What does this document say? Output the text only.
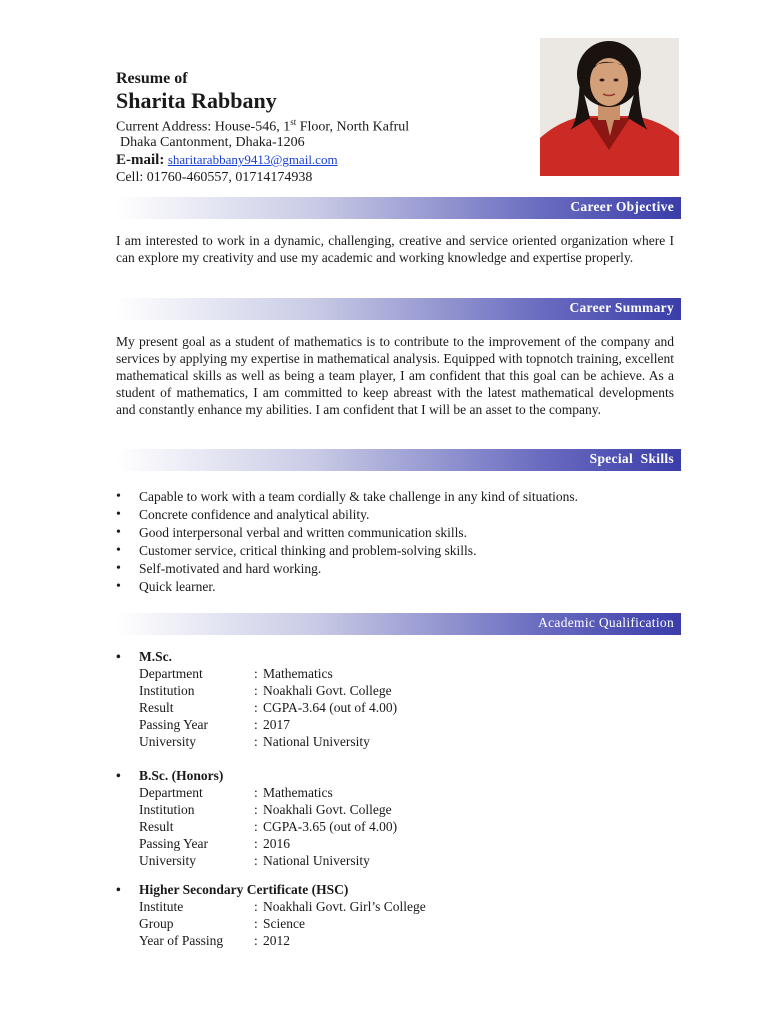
Resume of
Sharita Rabbany
Current Address: House-546, 1st Floor, North Kafrul
Dhaka Cantonment, Dhaka-1206
E-mail: sharitarabbany9413@gmail.com
Cell: 01760-460557, 01714174938
Career Objective
I am interested to work in a dynamic, challenging, creative and service oriented organization where I can explore my creativity and use my academic and working knowledge and expertise properly.
Career Summary
My present goal as a student of mathematics is to contribute to the improvement of the company and services by applying my expertise in mathematical analysis. Equipped with topnotch training, excellent mathematical skills as well as being a team player, I am confident that this goal can be achieve. As a student of mathematics, I am committed to keep abreast with the latest mathematical developments and constantly enhance my abilities. I am confident that I will be an asset to the company.
Special Skills
• Capable to work with a team cordially & take challenge in any kind of situations.
• Concrete confidence and analytical ability.
• Good interpersonal verbal and written communication skills.
• Customer service, critical thinking and problem-solving skills.
• Self-motivated and hard working.
• Quick learner.
Academic Qualification
• M.Sc.
Department	: Mathematics
Institution	: Noakhali Govt. College
Result	: CGPA-3.64 (out of 4.00)
Passing Year	: 2017
University	: National University
• B.Sc. (Honors)
Department	: Mathematics
Institution	: Noakhali Govt. College
Result	: CGPA-3.65 (out of 4.00)
Passing Year	: 2016
University	: National University
• Higher Secondary Certificate (HSC)
Institute	: Noakhali Govt. Girl’s College
Group	: Science
Year of Passing : 2012
